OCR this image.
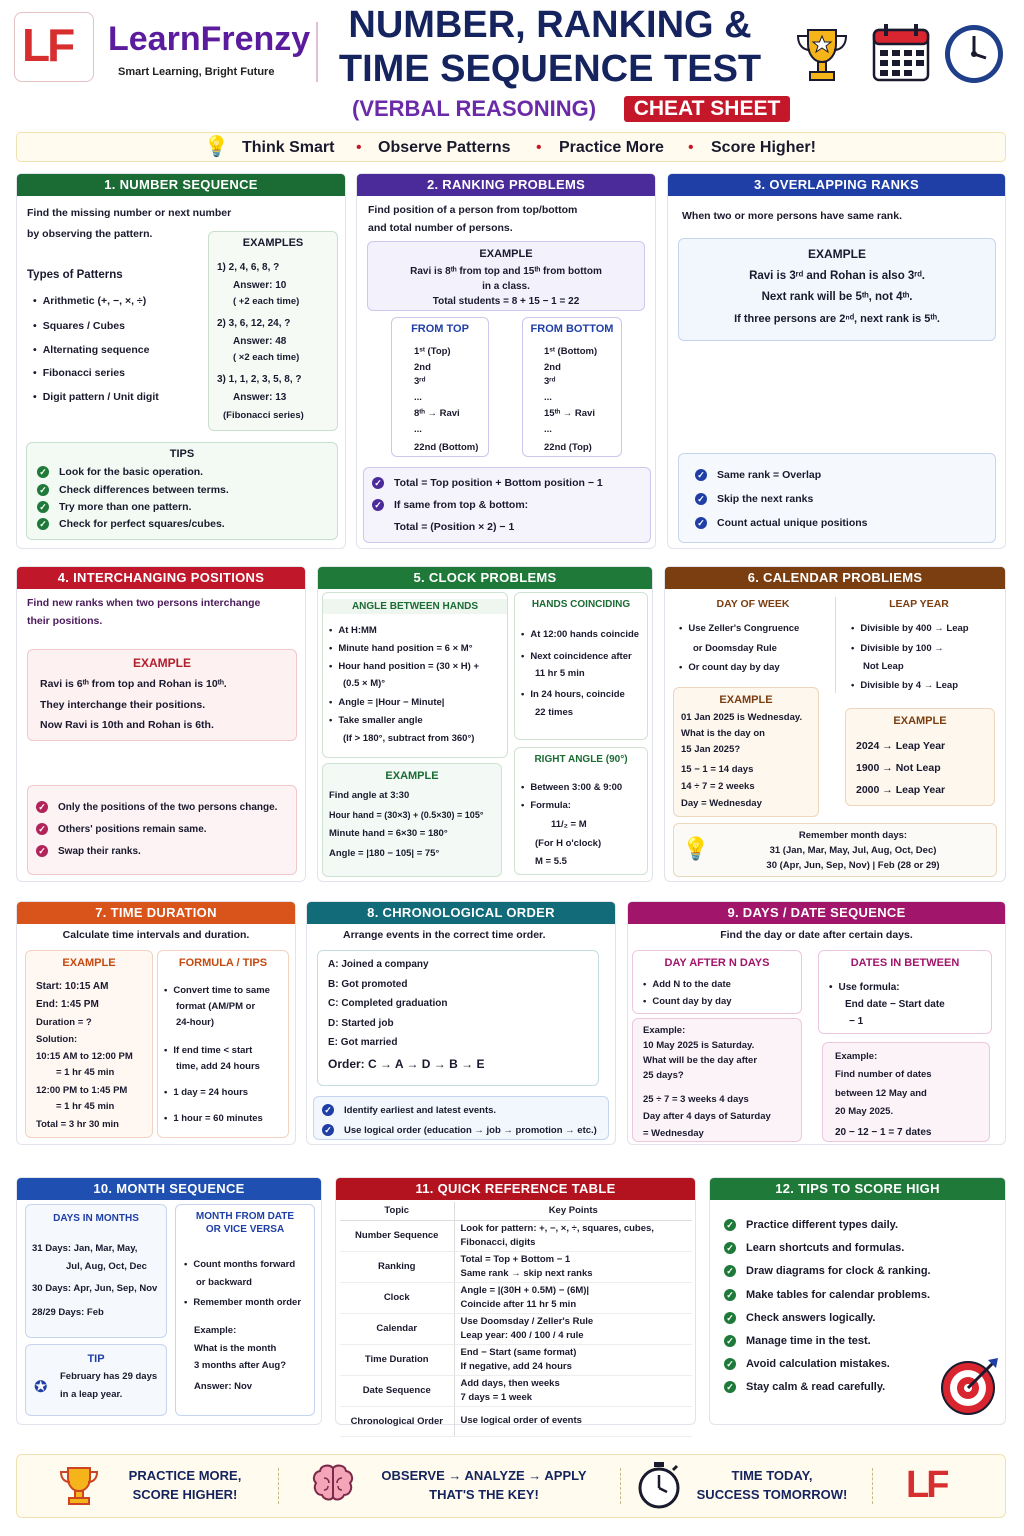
LF LearnFrenzy
Smart Learning, Bright Future
NUMBER, RANKING &
TIME SEQUENCE TEST
(VERBAL REASONING)	CHEAT SHEET
💡 Think Smart • Observe Patterns • Practice More • Score Higher!
1. NUMBER SEQUENCE
Find the missing number or next number
by observing the pattern.
Types of Patterns
• Arithmetic (+, −, ×, ÷)
• Squares / Cubes
• Alternating sequence
• Fibonacci series
• Digit pattern / Unit digit
EXAMPLES
1) 2, 4, 6, 8, ?
Answer: 10
( +2 each time)
2) 3, 6, 12, 24, ?
Answer: 48
( ×2 each time)
3) 1, 1, 2, 3, 5, 8, ?
Answer: 13
(Fibonacci series)
TIPS
✓ Look for the basic operation.
✓ Check differences between terms.
✓ Try more than one pattern.
✓ Check for perfect squares/cubes.
2. RANKING PROBLEMS
Find position of a person from top/bottom
and total number of persons.
EXAMPLE
Ravi is 8ᵗʰ from top and 15ᵗʰ from bottom
in a class.
Total students = 8 + 15 − 1 = 22
FROM TOP
1ˢᵗ (Top)
2nd
3ʳᵈ
...
8ᵗʰ → Ravi
...
22nd (Bottom)
FROM BOTTOM
1ˢᵗ (Bottom)
2nd
3ʳᵈ
...
15ᵗʰ → Ravi
...
22nd (Top)
✓ Total = Top position + Bottom position − 1
✓ If same from top & bottom:
Total = (Position × 2) − 1
3. OVERLAPPING RANKS
When two or more persons have same rank.
EXAMPLE
Ravi is 3ʳᵈ and Rohan is also 3ʳᵈ.
Next rank will be 5ᵗʰ, not 4ᵗʰ.
If three persons are 2ⁿᵈ, next rank is 5ᵗʰ.
✓ Same rank = Overlap
✓ Skip the next ranks
✓ Count actual unique positions
4. INTERCHANGING POSITIONS
Find new ranks when two persons interchange
their positions.
EXAMPLE
Ravi is 6ᵗʰ from top and Rohan is 10ᵗʰ.
They interchange their positions.
Now Ravi is 10th and Rohan is 6th.
✓ Only the positions of the two persons change.
✓ Others' positions remain same.
✓ Swap their ranks.
5. CLOCK PROBLEMS
ANGLE BETWEEN HANDS
• At H:MM
• Minute hand position = 6 × M°
• Hour hand position = (30 × H) +
(0.5 × M)°
• Angle = |Hour − Minute|
• Take smaller angle
(If > 180°, subtract from 360°)
HANDS COINCIDING
• At 12:00 hands coincide
• Next coincidence after
11 hr 5 min
• In 24 hours, coincide
22 times
EXAMPLE
Find angle at 3:30
Hour hand = (30×3) + (0.5×30) = 105°
Minute hand = 6×30 = 180°
Angle = |180 − 105| = 75°
RIGHT ANGLE (90°)
• Between 3:00 & 9:00
• Formula:
11/₂ = M
(For H o'clock)
M = 5.5
6. CALENDAR PROBLIEMS
DAY OF WEEK
• Use Zeller's Congruence
or Doomsday Rule
• Or count day by day
LEAP YEAR
• Divisible by 400 → Leap
• Divisible by 100 →
Not Leap
• Divisible by 4 → Leap
EXAMPLE
01 Jan 2025 is Wednesday.
What is the day on
15 Jan 2025?
15 − 1 = 14 days
14 ÷ 7 = 2 weeks
Day = Wednesday
EXAMPLE
2024 → Leap Year
1900 → Not Leap
2000 → Leap Year
💡
Remember month days:
31 (Jan, Mar, May, Jul, Aug, Oct, Dec)
30 (Apr, Jun, Sep, Nov) | Feb (28 or 29)
7. TIME DURATION
Calculate time intervals and duration.
EXAMPLE
Start: 10:15 AM
End: 1:45 PM
Duration = ?
Solution:
10:15 AM to 12:00 PM
= 1 hr 45 min
12:00 PM to 1:45 PM
= 1 hr 45 min
Total = 3 hr 30 min
FORMULA / TIPS
• Convert time to same
format (AM/PM or
24-hour)
• If end time < start
time, add 24 hours
• 1 day = 24 hours
• 1 hour = 60 minutes
8. CHRONOLOGICAL ORDER
Arrange events in the correct time order.
A: Joined a company
B: Got promoted
C: Completed graduation
D: Started job
E: Got married
Order: C → A → D → B → E
✓ Identify earliest and latest events.
✓ Use logical order (education → job → promotion → etc.)
9. DAYS / DATE SEQUENCE
Find the day or date after certain days.
DAY AFTER N DAYS
• Add N to the date
• Count day by day
DATES IN BETWEEN
• Use formula:
End date − Start date
− 1
Example:
10 May 2025 is Saturday.
What will be the day after
25 days?
25 ÷ 7 = 3 weeks 4 days
Day after 4 days of Saturday
= Wednesday
Example:
Find number of dates
between 12 May and
20 May 2025.
20 − 12 − 1 = 7 dates
10. MONTH SEQUENCE
DAYS IN MONTHS
31 Days: Jan, Mar, May,
Jul, Aug, Oct, Dec
30 Days: Apr, Jun, Sep, Nov
28/29 Days: Feb
MONTH FROM DATE
OR VICE VERSA
• Count months forward
or backward
• Remember month order
Example:
What is the month
3 months after Aug?
Answer: Nov
TIP
✪
February has 29 days
in a leap year.
11. QUICK REFERENCE TABLE
Topic	Key Points
Number Sequence	Look for pattern: +, −, ×, ÷, squares, cubes,
Fibonacci, digits

Ranking	Total = Top + Bottom − 1
Same rank → skip next ranks

Clock	Angle = |(30H + 0.5M) − (6M)|
Coincide after 11 hr 5 min

Calendar	Use Doomsday / Zeller's Rule
Leap year: 400 / 100 / 4 rule

Time Duration	End − Start (same format)
If negative, add 24 hours

Date Sequence	Add days, then weeks
7 days = 1 week

Chronological Order	Use logical order of events
12. TIPS TO SCORE HIGH
✓ Practice different types daily.
✓ Learn shortcuts and formulas.
✓ Draw diagrams for clock & ranking.
✓ Make tables for calendar problems.
✓ Check answers logically.
✓ Manage time in the test.
✓ Avoid calculation mistakes.
✓ Stay calm & read carefully.
PRACTICE MORE,
SCORE HIGHER!
OBSERVE → ANALYZE → APPLY
THAT'S THE KEY!
TIME TODAY,
SUCCESS TOMORROW! LF
